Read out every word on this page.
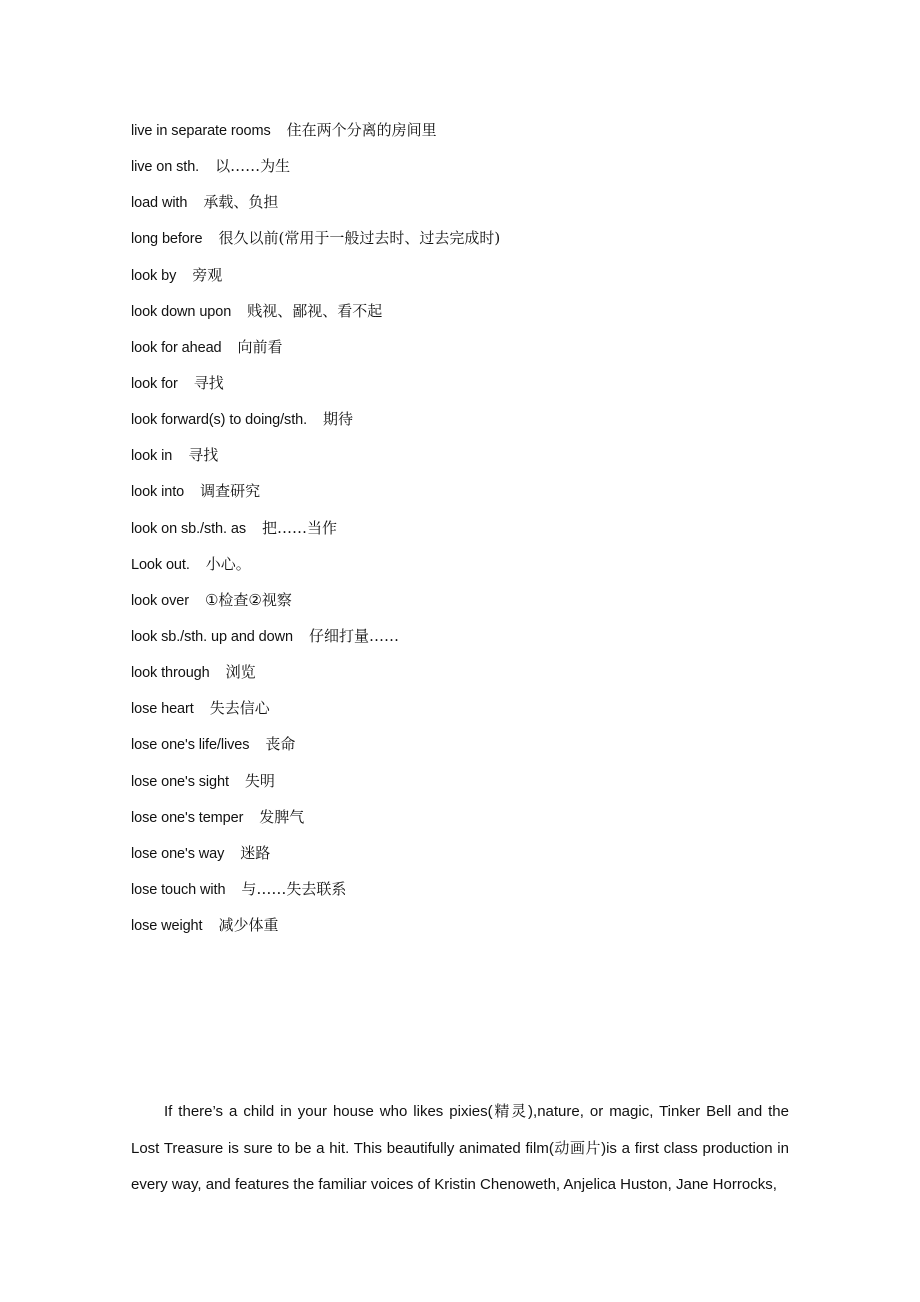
live in separate rooms 住在两个分离的房间里
live on sth. 以……为生
load with 承载、负担
long before 很久以前(常用于一般过去时、过去完成时)
look by 旁观
look down upon 贱视、鄙视、看不起
look for ahead 向前看
look for 寻找
look forward(s) to doing/sth. 期待
look in 寻找
look into 调查研究
look on sb./sth. as 把……当作
Look out. 小心。
look over ①检查②视察
look sb./sth. up and down 仔细打量……
look through 浏览
lose heart 失去信心
lose one's life/lives 丧命
lose one's sight 失明
lose one's temper 发脾气
lose one's way 迷路
lose touch with 与……失去联系
lose weight 减少体重

If there’s a child in your house who likes pixies(精灵),nature, or magic, Tinker Bell and the Lost Treasure is sure to be a hit. This beautifully animated film(动画片)is a first class production in every way, and features the familiar voices of Kristin Chenoweth, Anjelica Huston, Jane Horrocks,
